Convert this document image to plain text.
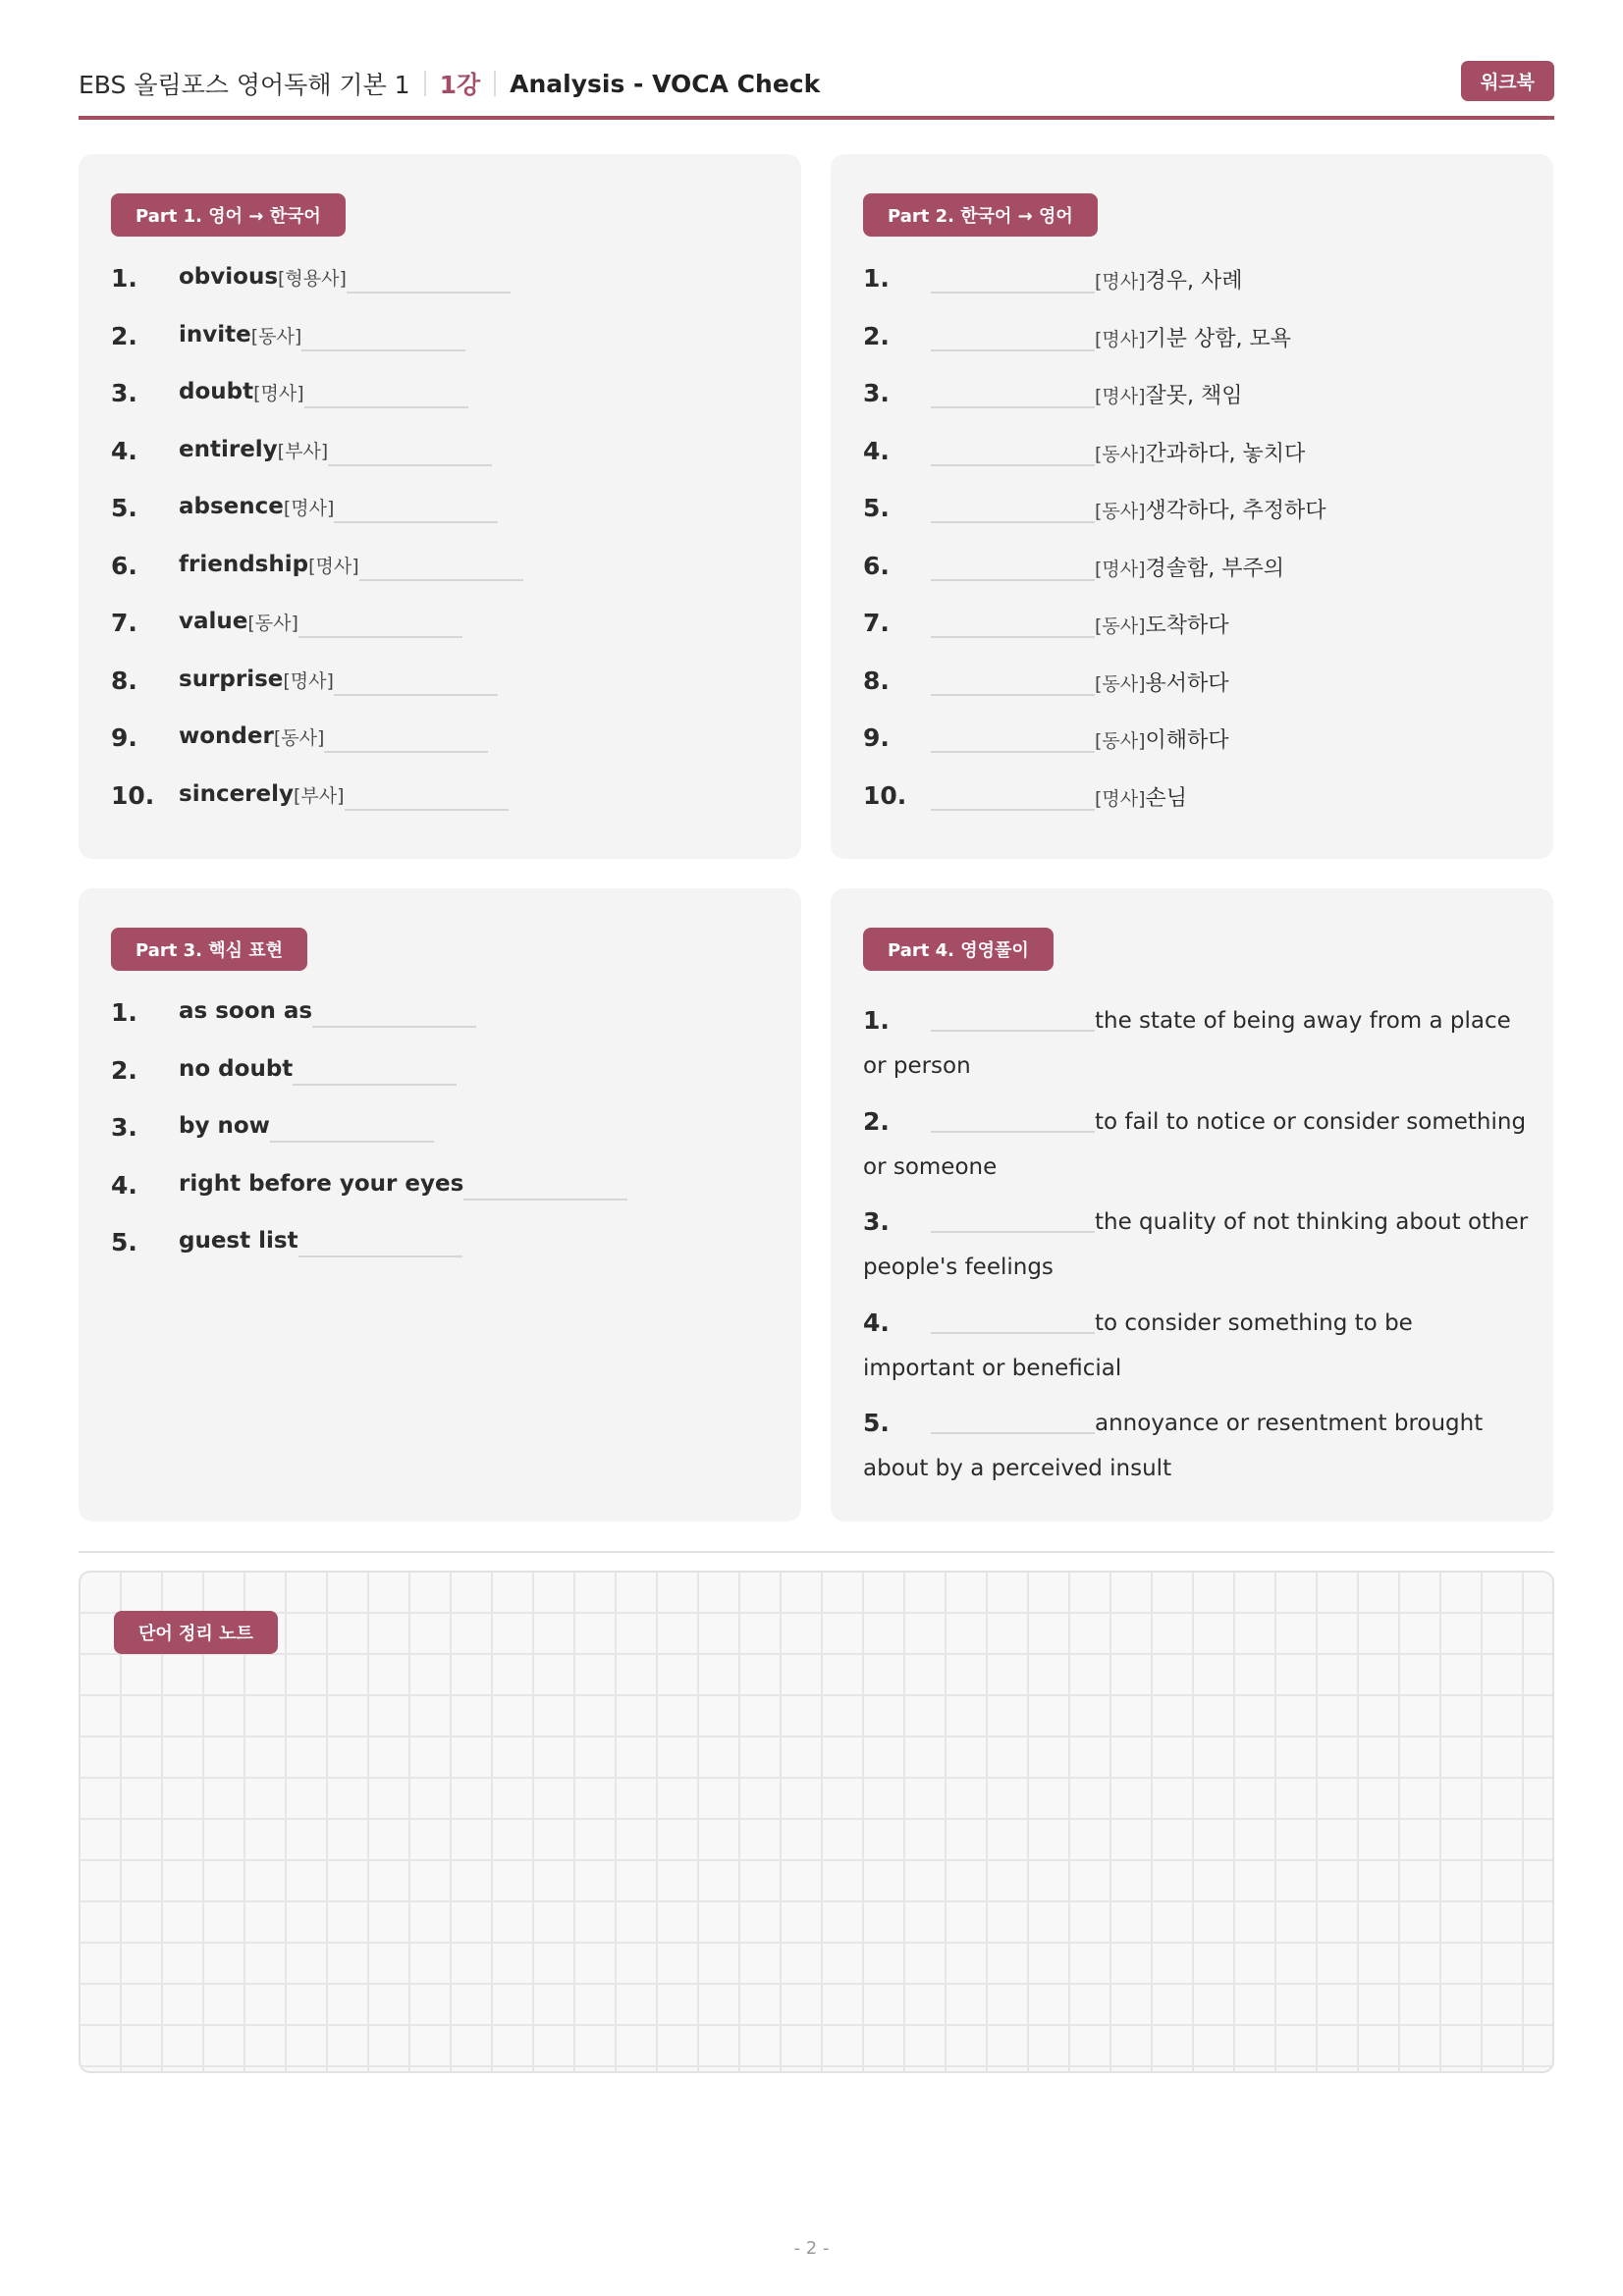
EBS 올림포스 영어독해 기본 1 1강 Analysis - VOCA Check	워크북
Part 1. 영어 → 한국어
1.	obvious [형용사]
2.	invite [동사]
3.	doubt [명사]
4.	entirely [부사]
5.	absence [명사]
6.	friendship [명사]
7.	value [동사]
8.	surprise [명사]
9.	wonder [동사]
10.	sincerely [부사]
Part 2. 한국어 → 영어
1.	[명사]경우, 사례
2.	[명사]기분 상함, 모욕
3.	[명사]잘못, 책임
4.	[동사]간과하다, 놓치다
5.	[동사]생각하다, 추정하다
6.	[명사]경솔함, 부주의
7.	[동사]도착하다
8.	[동사]용서하다
9.	[동사]이해하다
10.	[명사]손님
Part 3. 핵심 표현
1.	as soon as
2.	no doubt
3.	by now
4.	right before your eyes
5.	guest list
Part 4. 영영풀이
1.	the state of being away from a place or person
2.	to fail to notice or consider something or someone
3.	the quality of not thinking about other people's feelings
4.	to consider something to be important or beneficial
5.	annoyance or resentment brought about by a perceived insult
단어 정리 노트
- 2 -
